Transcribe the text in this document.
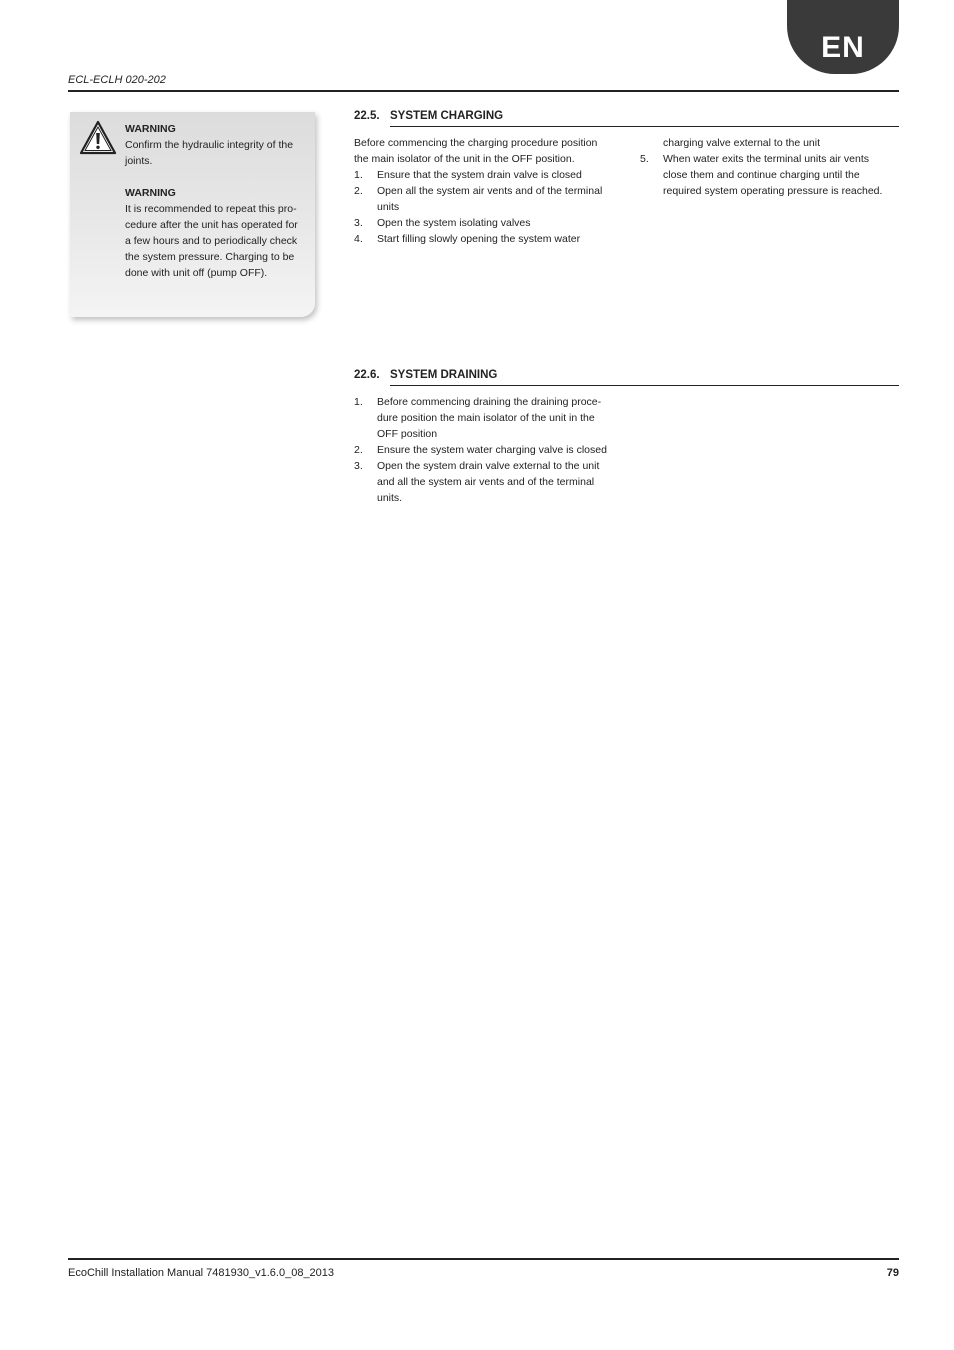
EN
ECL-ECLH 020-202
WARNING
Confirm the hydraulic integrity of the joints.
WARNING
It is recommended to repeat this pro-cedure after the unit has operated for a few hours and to periodically check the system pressure. Charging to be done with unit off (pump OFF).
22.5. SYSTEM CHARGING

Before commencing the charging procedure position the main isolator of the unit in the OFF position.

1. Ensure that the system drain valve is closed
2. Open all the system air vents and of the terminal units
3. Open the system isolating valves
4. Start filling slowly opening the system water
charging valve external to the unit
5. When water exits the terminal units air vents close them and continue charging until the required system operating pressure is reached.
22.6. SYSTEM DRAINING
1. Before commencing draining the draining proce-dure position the main isolator of the unit in the OFF position
2. Ensure the system water charging valve is closed
3. Open the system drain valve external to the unit and all the system air vents and of the terminal units.
EcoChill Installation Manual 7481930_v1.6.0_08_2013	79
